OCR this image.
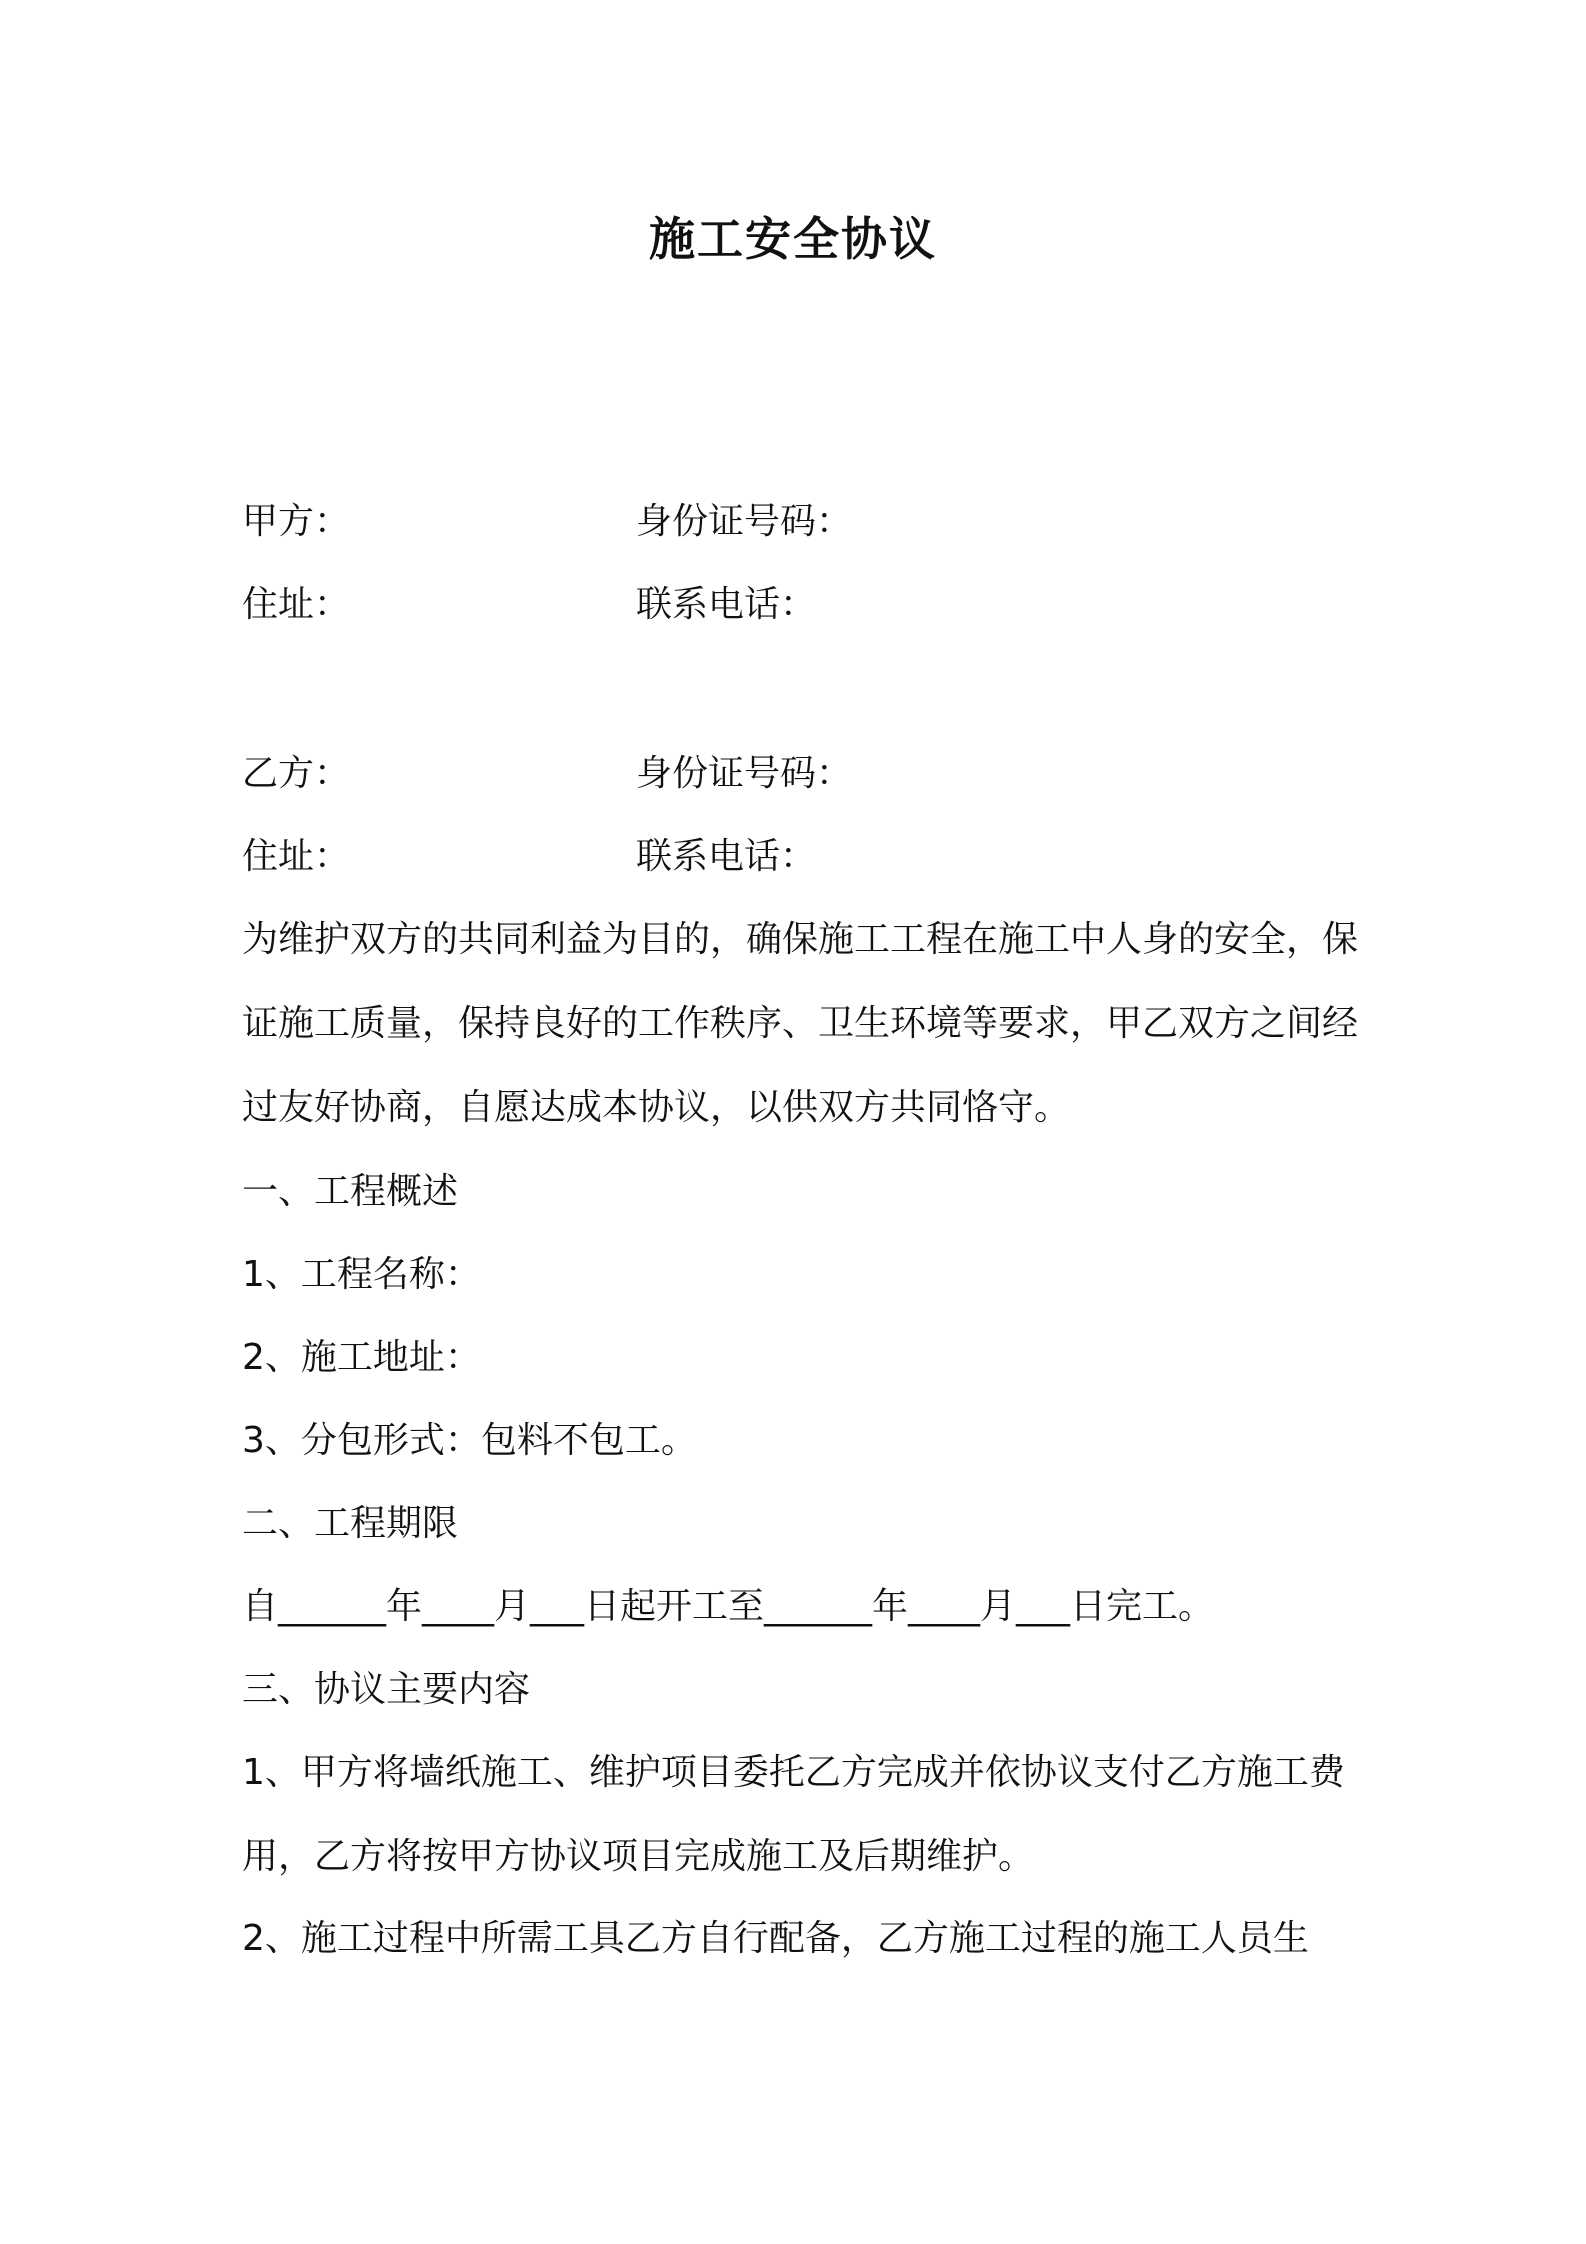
施工安全协议
甲方：	身份证号码：
住址：	联系电话：
乙方：	身份证号码：
住址：	联系电话：
为维护双方的共同利益为目的，确保施工工程在施工中人身的安全，保证施工质量，保持良好的工作秩序、卫生环境等要求，甲乙双方之间经过友好协商，自愿达成本协议，以供双方共同恪守。
一、工程概述
1、工程名称：
2、施工地址：
3、分包形式：包料不包工。
二、工程期限
自______年____月___日起开工至______年____月___日完工。
三、协议主要内容
1、甲方将墙纸施工、维护项目委托乙方完成并依协议支付乙方施工费用，乙方将按甲方协议项目完成施工及后期维护。
2、施工过程中所需工具乙方自行配备，乙方施工过程的施工人员生
